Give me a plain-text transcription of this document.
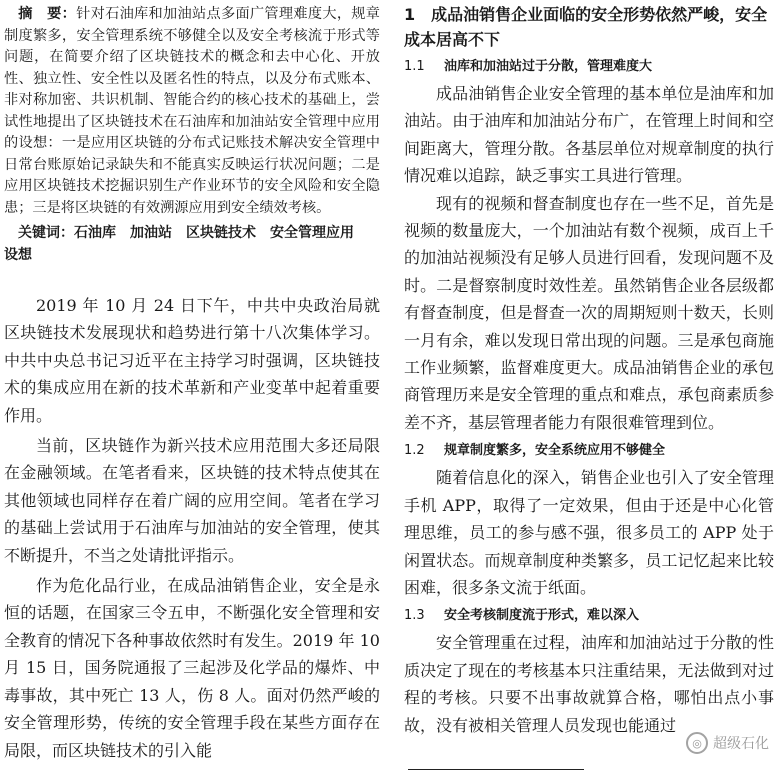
摘　要：针对石油库和加油站点多面广管理难度大，规章制度繁多，安全管理系统不够健全以及安全考核流于形式等问题，在简要介绍了区块链技术的概念和去中心化、开放性、独立性、安全性以及匿名性的特点，以及分布式账本、非对称加密、共识机制、智能合约的核心技术的基础上，尝试性地提出了区块链技术在石油库和加油站安全管理中应用的设想：一是应用区块链的分布式记账技术解决安全管理中日常台账原始记录缺失和不能真实反映运行状况问题；二是应用区块链技术挖掘识别生产作业环节的安全风险和安全隐患；三是将区块链的有效溯源应用到安全绩效考核。

关键词：石油库　加油站　区块链技术　安全管理应用　设想

2019 年 10 月 24 日下午，中共中央政治局就区块链技术发展现状和趋势进行第十八次集体学习。中共中央总书记习近平在主持学习时强调，区块链技术的集成应用在新的技术革新和产业变革中起着重要作用。

当前，区块链作为新兴技术应用范围大多还局限在金融领域。在笔者看来，区块链的技术特点使其在其他领域也同样存在着广阔的应用空间。笔者在学习的基础上尝试用于石油库与加油站的安全管理，使其不断提升，不当之处请批评指示。

作为危化品行业，在成品油销售企业，安全是永恒的话题，在国家三令五申，不断强化安全管理和安全教育的情况下各种事故依然时有发生。2019 年 10 月 15 日，国务院通报了三起涉及化学品的爆炸、中毒事故，其中死亡 13 人，伤 8 人。面对仍然严峻的安全管理形势，传统的安全管理手段在某些方面存在局限，而区块链技术的引入能

1　成品油销售企业面临的安全形势依然严峻，安全成本居高不下
1.1 油库和加油站过于分散，管理难度大

成品油销售企业安全管理的基本单位是油库和加油站。由于油库和加油站分布广，在管理上时间和空间距离大，管理分散。各基层单位对规章制度的执行情况难以追踪，缺乏事实工具进行管理。

现有的视频和督查制度也存在一些不足，首先是视频的数量庞大，一个加油站有数个视频，成百上千的加油站视频没有足够人员进行回看，发现问题不及时。二是督察制度时效性差。虽然销售企业各层级都有督查制度，但是督查一次的周期短则十数天，长则一月有余，难以发现日常出现的问题。三是承包商施工作业频繁，监督难度更大。成品油销售企业的承包商管理历来是安全管理的重点和难点，承包商素质参差不齐，基层管理者能力有限很难管理到位。

1.2 规章制度繁多，安全系统应用不够健全

随着信息化的深入，销售企业也引入了安全管理手机 APP，取得了一定效果，但由于还是中心化管理思维，员工的参与感不强，很多员工的 APP 处于闲置状态。而规章制度种类繁多，员工记忆起来比较困难，很多条文流于纸面。

1.3 安全考核制度流于形式，难以深入

安全管理重在过程，油库和加油站过于分散的性质决定了现在的考核基本只注重结果，无法做到对过程的考核。只要不出事故就算合格，哪怕出点小事故，没有被相关管理人员发现也能通过

◎ 超级石化
